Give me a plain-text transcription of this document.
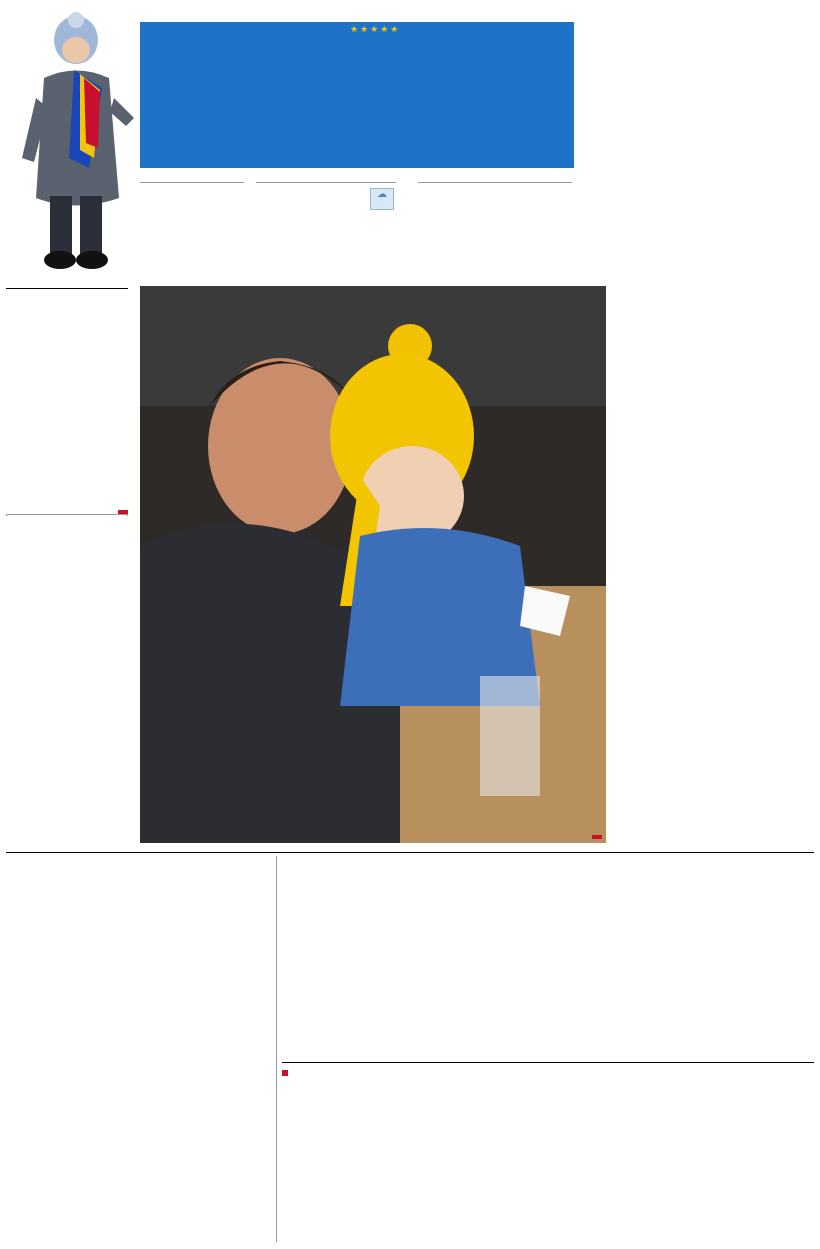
★★★★★
☁
